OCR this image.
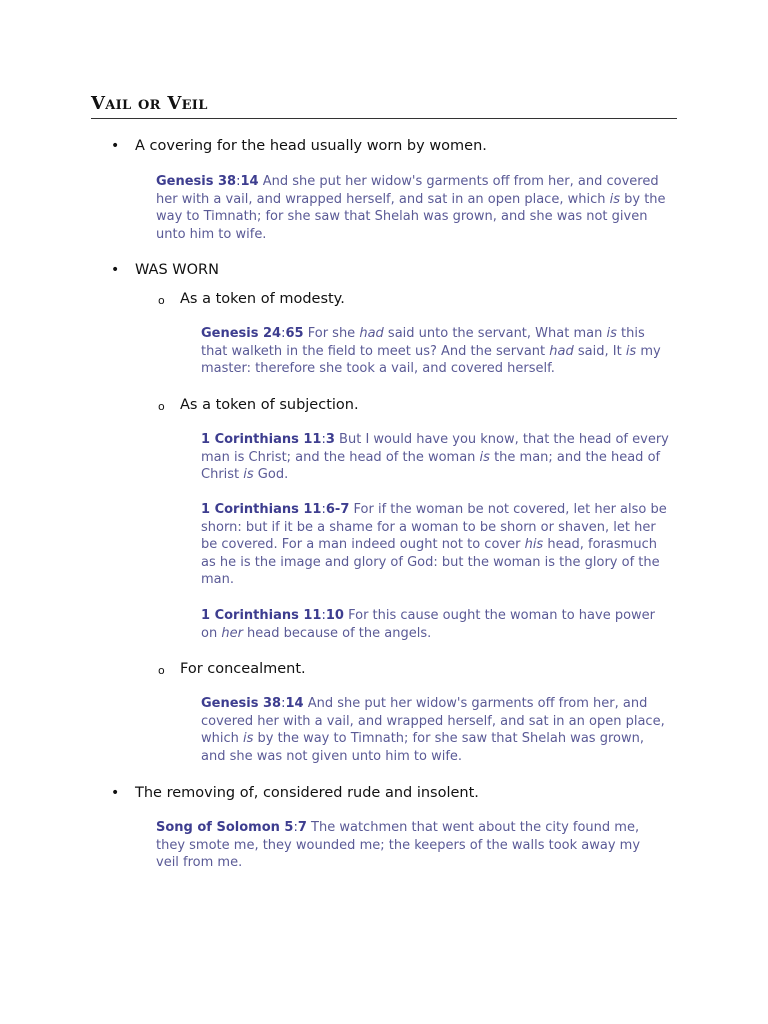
Vail or Veil
• A covering for the head usually worn by women.

Genesis 38:14 And she put her widow's garments off from her, and covered her with a vail, and wrapped herself, and sat in an open place, which is by the way to Timnath; for she saw that Shelah was grown, and she was not given unto him to wife.

• WAS WORN
o As a token of modesty.

Genesis 24:65 For she had said unto the servant, What man is this that walketh in the field to meet us? And the servant had said, It is my master: therefore she took a vail, and covered herself.

o As a token of subjection.

1 Corinthians 11:3 But I would have you know, that the head of every man is Christ; and the head of the woman is the man; and the head of Christ is God.

1 Corinthians 11:6-7 For if the woman be not covered, let her also be shorn: but if it be a shame for a woman to be shorn or shaven, let her be covered. For a man indeed ought not to cover his head, forasmuch as he is the image and glory of God: but the woman is the glory of the man.

1 Corinthians 11:10 For this cause ought the woman to have power on her head because of the angels.

o For concealment.

Genesis 38:14 And she put her widow's garments off from her, and covered her with a vail, and wrapped herself, and sat in an open place, which is by the way to Timnath; for she saw that Shelah was grown, and she was not given unto him to wife.

• The removing of, considered rude and insolent.

Song of Solomon 5:7 The watchmen that went about the city found me, they smote me, they wounded me; the keepers of the walls took away my veil from me.
